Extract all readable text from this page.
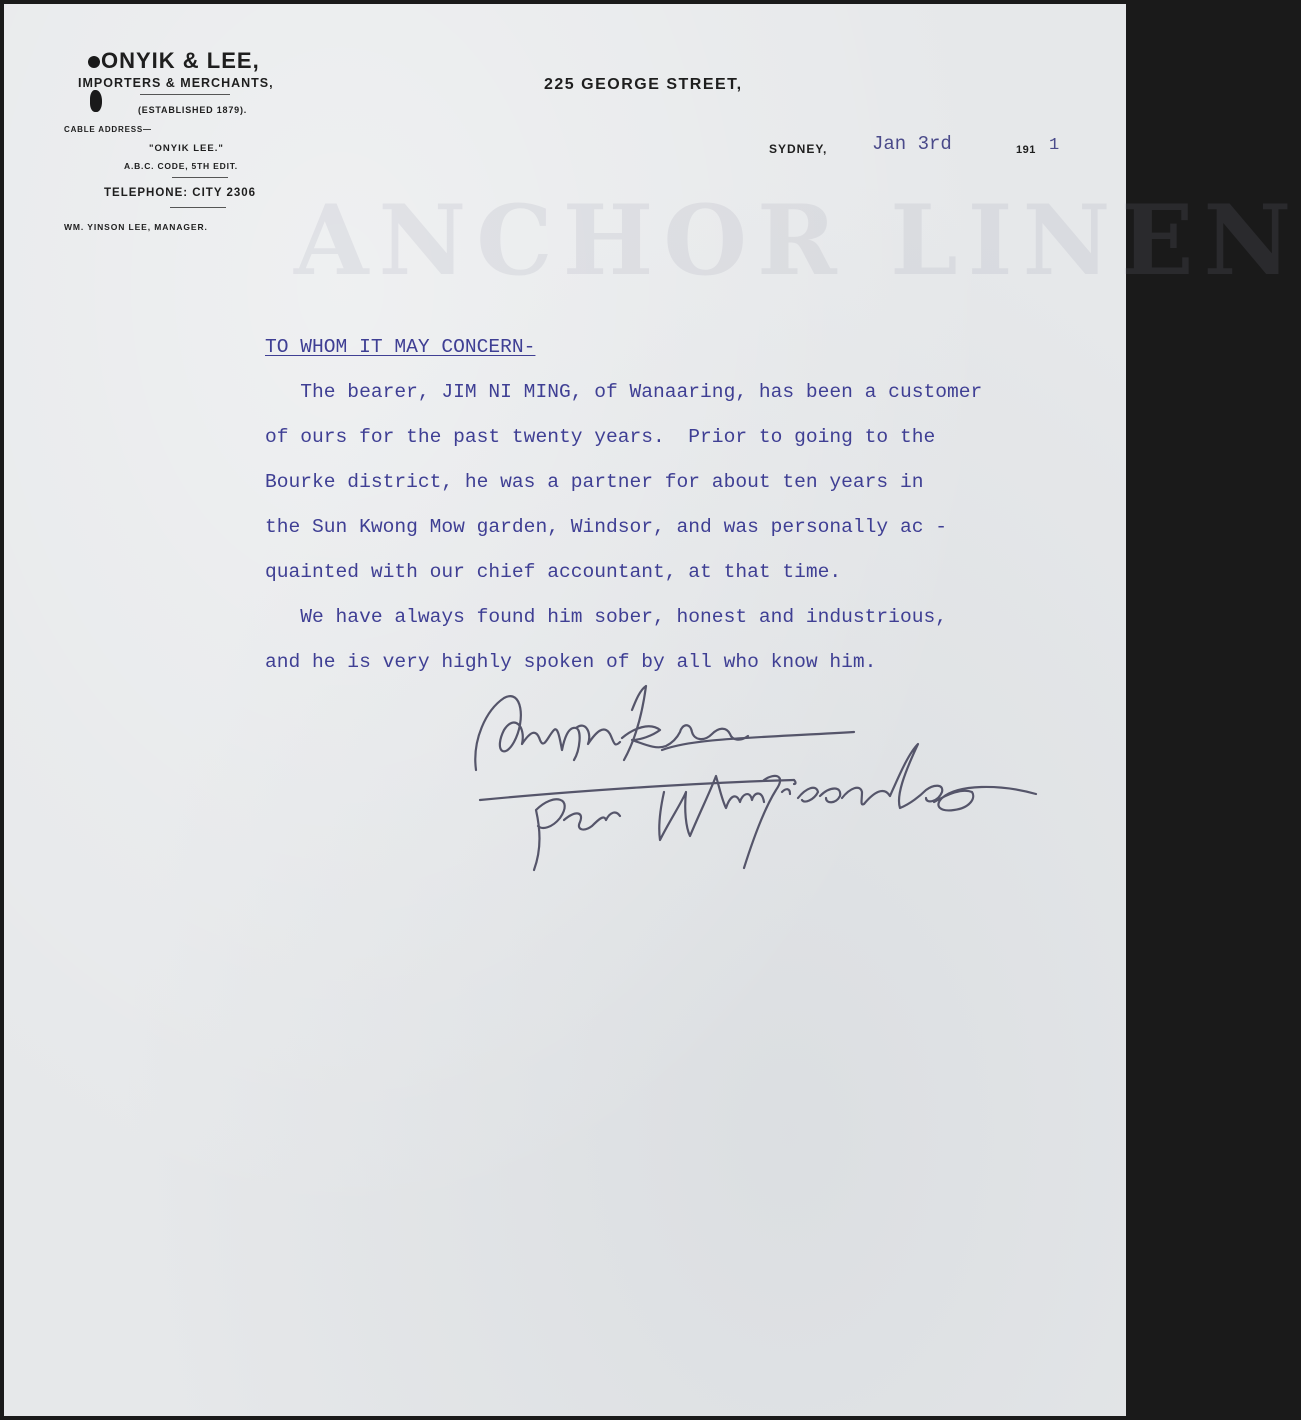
ANCHOR LINEN
ONYIK & LEE,
IMPORTERS & MERCHANTS,
(ESTABLISHED 1879).
CABLE ADDRESS—
"ONYIK LEE."
A.B.C. CODE, 5TH EDIT.
TELEPHONE: CITY 2306
WM. YINSON LEE, MANAGER.
225 GEORGE STREET,
SYDNEY, Jan 3rd	191 1

TO WHOM IT MAY CONCERN-

The bearer, JIM NI MING, of Wanaaring, has been a customer

of ours for the past twenty years.  Prior to going to the

Bourke district, he was a partner for about ten years in

the Sun Kwong Mow garden, Windsor, and was personally ac -

quainted with our chief accountant, at that time.

We have always found him sober, honest and industrious,

and he is very highly spoken of by all who know him.
